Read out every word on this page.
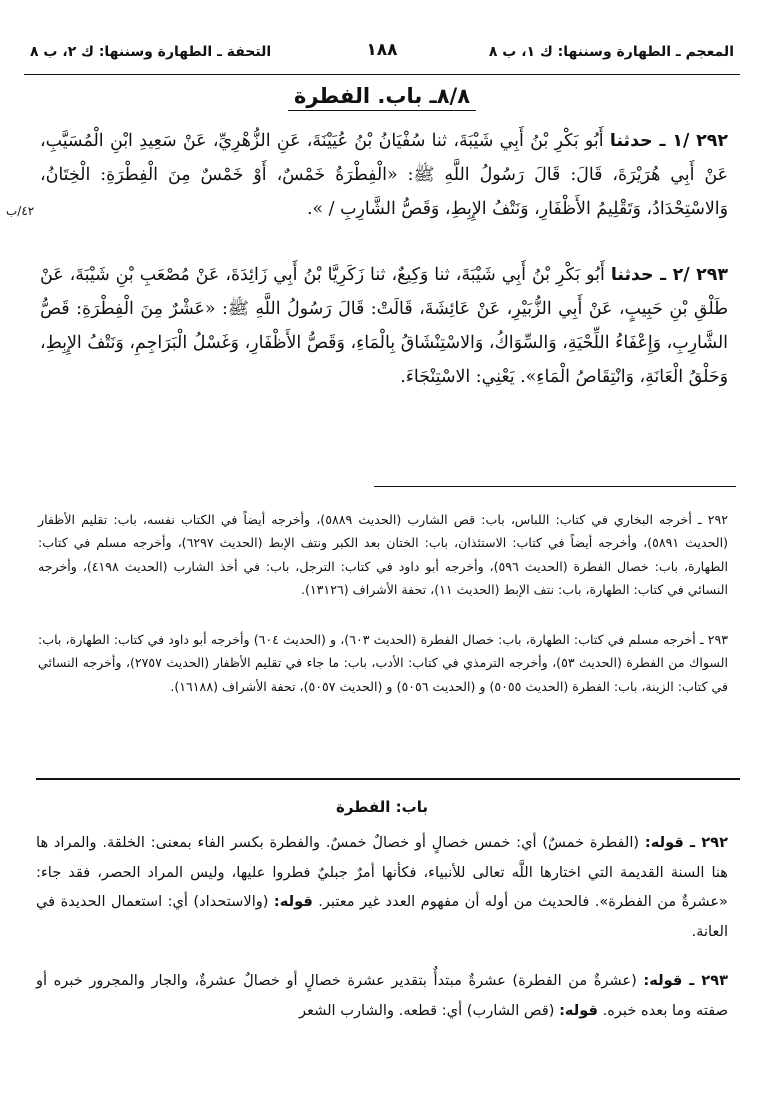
المعجم ـ الطهارة وسننها: ك ١، ب ٨
١٨٨
التحفة ـ الطهارة وسننها: ك ٢، ب ٨
٨/٨ـ باب. الفطرة
٤٢/ب
٢٩٢ /١ ـ حدثنا أَبُو بَكْرِ بْنُ أَبِي شَيْبَةَ، ثنا سُفْيَانُ بْنُ عُيَيْنَةَ، عَنِ الزُّهْرِيِّ، عَنْ سَعِيدِ ابْنِ الْمُسَيَّبِ، عَنْ أَبِي هُرَيْرَةَ، قَالَ: قَالَ رَسُولُ اللَّهِ ﷺ: «الْفِطْرَةُ خَمْسٌ، أَوْ خَمْسٌ مِنَ الْفِطْرَةِ: الْخِتَانُ، وَالاسْتِحْدَادُ، وَتَقْلِيمُ الأَظْفَارِ، وَنَتْفُ الإِبِطِ، وَقَصُّ الشَّارِبِ / ».
٢٩٣ /٢ ـ حدثنا أَبُو بَكْرِ بْنُ أَبِي شَيْبَةَ، ثنا وَكِيعٌ، ثنا زَكَرِيَّا بْنُ أَبِي زَائِدَةَ، عَنْ مُصْعَبِ بْنِ شَيْبَةَ، عَنْ طَلْقِ بْنِ حَبِيبٍ، عَنْ أَبِي الزُّبَيْرِ، عَنْ عَائِشَةَ، قَالَتْ: قَالَ رَسُولُ اللَّهِ ﷺ: «عَشْرٌ مِنَ الْفِطْرَةِ: قَصُّ الشَّارِبِ، وَإِعْفَاءُ اللِّحْيَةِ، وَالسِّوَاكُ، وَالاسْتِنْشَاقُ بِالْمَاءِ، وَقَصُّ الأَظْفَارِ، وَغَسْلُ الْبَرَاجِمِ، وَنَتْفُ الإِبِطِ، وَحَلْقُ الْعَانَةِ، وَانْتِقَاصُ الْمَاءِ». يَعْنِي: الاسْتِنْجَاءَ.
٢٩٢ ـ أخرجه البخاري في كتاب: اللباس، باب: قص الشارب (الحديث ٥٨٨٩)، وأخرجه أيضاً في الكتاب نفسه، باب: تقليم الأظفار (الحديث ٥٨٩١)، وأخرجه أيضاً في كتاب: الاستئذان، باب: الختان بعد الكبر ونتف الإبط (الحديث ٦٢٩٧)، وأخرجه مسلم في كتاب: الطهارة، باب: خصال الفطرة (الحديث ٥٩٦)، وأخرجه أبو داود في كتاب: الترجل، باب: في أخذ الشارب (الحديث ٤١٩٨)، وأخرجه النسائي في كتاب: الطهارة، باب: نتف الإبط (الحديث ١١)، تحفة الأشراف (١٣١٢٦).
٢٩٣ ـ أخرجه مسلم في كتاب: الطهارة، باب: خصال الفطرة (الحديث ٦٠٣)، و (الحديث ٦٠٤) وأخرجه أبو داود في كتاب: الطهارة، باب: السواك من الفطرة (الحديث ٥٣)، وأخرجه الترمذي في كتاب: الأدب، باب: ما جاء في تقليم الأظفار (الحديث ٢٧٥٧)، وأخرجه النسائي في كتاب: الزينة، باب: الفطرة (الحديث ٥٠٥٥) و (الحديث ٥٠٥٦) و (الحديث ٥٠٥٧)، تحفة الأشراف (١٦١٨٨).
باب: الفطرة
٢٩٢ ـ قوله: (الفطرة خمسٌ) أي: خمس خصالٍ أو خصالٌ خمسٌ. والفطرة بكسر الفاء بمعنى: الخلقة. والمراد ها هنا السنة القديمة التي اختارها اللَّه تعالى للأنبياء، فكأنها أمرٌ جبليٌ فطروا عليها، وليس المراد الحصر، فقد جاء: «عشرةٌ من الفطرة». فالحديث من أوله أن مفهوم العدد غير معتبر. قوله: (والاستحداد) أي: استعمال الحديدة في العانة.
٢٩٣ ـ قوله: (عشرةٌ من الفطرة) عشرةٌ مبتدأٌ بتقدير عشرة خصالٍ أو خصالٌ عشرةٌ، والجار والمجرور خبره أو صفته وما بعده خبره. قوله: (قص الشارب) أي: قطعه. والشارب الشعر
